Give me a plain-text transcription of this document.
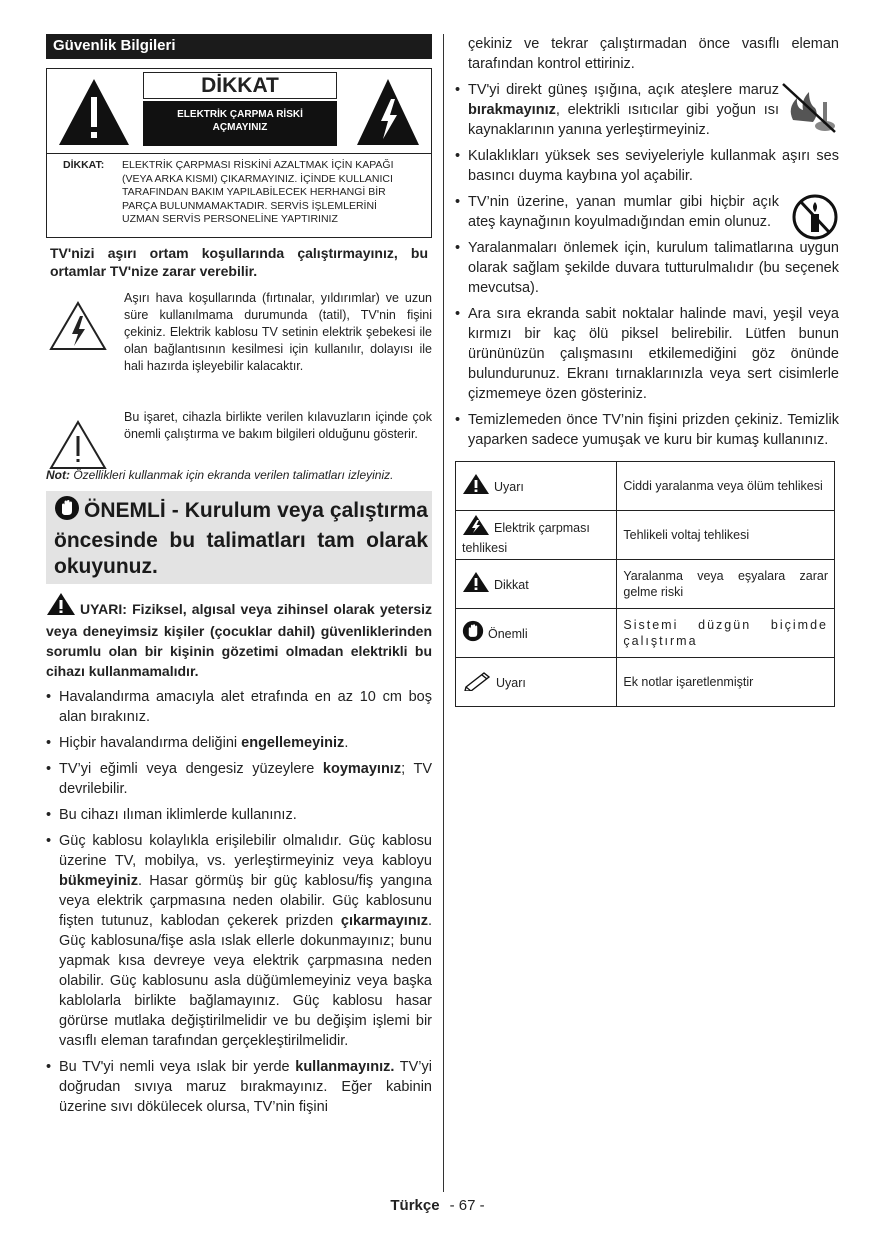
Güvenlik Bilgileri
DİKKAT
ELEKTRİK ÇARPMA RİSKİ AÇMAYINIZ
DİKKAT: ELEKTRİK ÇARPMASI RİSKİNİ AZALTMAK İÇİN KAPAĞI (VEYA ARKA KISMI) ÇIKARMAYINIZ. İÇİNDE KULLANICI TARAFINDAN BAKIM YAPILABİLECEK HERHANGİ BİR PARÇA BULUNMAMAKTADIR. SERVİS İŞLEMLERİNİ UZMAN SERVİS PERSONELİNE YAPTIRINIZ
TV'nizi aşırı ortam koşullarında çalıştırmayınız, bu ortamlar TV'nize zarar verebilir.
Aşırı hava koşullarında (fırtınalar, yıldırımlar) ve uzun süre kullanılmama durumunda (tatil), TV'nin fişini çekiniz. Elektrik kablosu TV setinin elektrik şebekesi ile olan bağlantısının kesilmesi için kullanılır, dolayısı ile hali hazırda işleyebilir kalacaktır.
Bu işaret, cihazla birlikte verilen kılavuzların içinde çok önemli çalıştırma ve bakım bilgileri olduğunu gösterir.
Not: Özellikleri kullanmak için ekranda verilen talimatları izleyiniz.
ÖNEMLİ - Kurulum veya çalıştırma öncesinde bu talimatları tam olarak okuyunuz.
UYARI: Fiziksel, algısal veya zihinsel olarak yetersiz veya deneyimsiz kişiler (çocuklar dahil) güvenliklerinden sorumlu olan bir kişinin gözetimi olmadan elektrikli bu cihazı kullanmamalıdır.
• Havalandırma amacıyla alet etrafında en az 10 cm boş alan bırakınız.
• Hiçbir havalandırma deliğini engellemeyiniz.
• TV’yi eğimli veya dengesiz yüzeylere koymayınız; TV devrilebilir.
• Bu cihazı ılıman iklimlerde kullanınız.
• Güç kablosu kolaylıkla erişilebilir olmalıdır. Güç kablosu üzerine TV, mobilya, vs. yerleştirmeyiniz veya kabloyu bükmeyiniz. Hasar görmüş bir güç kablosu/fiş yangına veya elektrik çarpmasına neden olabilir. Güç kablosunu fişten tutunuz, kablodan çekerek prizden çıkarmayınız. Güç kablosuna/fişe asla ıslak ellerle dokunmayınız; bunu yapmak kısa devreye veya elektrik çarpmasına neden olabilir. Güç kablosunu asla düğümlemeyiniz veya başka kablolarla birlikte bağlamayınız. Güç kablosu hasar görürse mutlaka değiştirilmelidir ve bu değişim işlemi bir vasıflı eleman tarafından gerçekleştirilmelidir.
• Bu TV'yi nemli veya ıslak bir yerde kullanmayınız. TV’yi doğrudan sıvıya maruz bırakmayınız. Eğer kabinin üzerine sıvı dökülecek olursa, TV’nin fişini
çekiniz ve tekrar çalıştırmadan önce vasıflı eleman tarafından kontrol ettiriniz.
• TV'yi direkt güneş ışığına, açık ateşlere maruz bırakmayınız, elektrikli ısıtıcılar gibi yoğun ısı kaynaklarının yanına yerleştirmeyiniz.
• Kulaklıkları yüksek ses seviyeleriyle kullanmak aşırı ses basıncı duyma kaybına yol açabilir.
• TV’nin üzerine, yanan mumlar gibi hiçbir açık ateş kaynağının koyulmadığından emin olunuz.
• Yaralanmaları önlemek için, kurulum talimatlarına uygun olarak sağlam şekilde duvara tutturulmalıdır (bu seçenek mevcutsa).
• Ara sıra ekranda sabit noktalar halinde mavi, yeşil veya kırmızı bir kaç ölü piksel belirebilir. Lütfen bunun ürününüzün çalışmasını etkilemediğini göz önünde bulundurunuz. Ekranı tırnaklarınızla veya sert cisimlerle çizmemeye özen gösteriniz.
• Temizlemeden önce TV’nin fişini prizden çekiniz. Temizlik yaparken sadece yumuşak ve kuru bir kumaş kullanınız.
Uyarı	Ciddi yaralanma veya ölüm tehlikesi
Elektrik çarpması tehlikesi	Tehlikeli voltaj tehlikesi
Dikkat	Yaralanma veya eşyalara zarar gelme riski
Önemli	Sistemi düzgün biçimde çalıştırma
Uyarı	Ek notlar işaretlenmiştir
Türkçe - 67 -
